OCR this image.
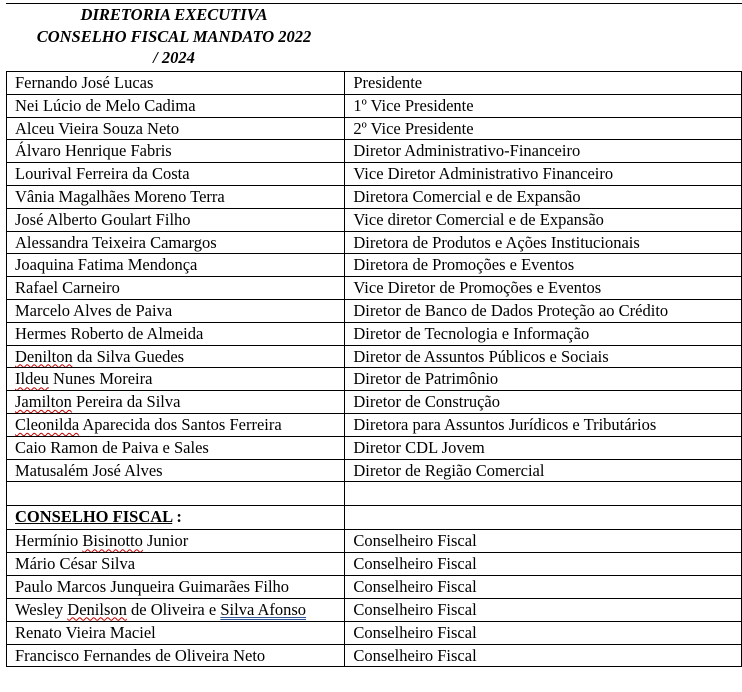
DIRETORIA EXECUTIVA
CONSELHO FISCAL MANDATO 2022
/ 2024
Fernando José Lucas	Presidente
Nei Lúcio de Melo Cadima	1º Vice Presidente
Alceu Vieira Souza Neto	2º Vice Presidente
Álvaro Henrique Fabris	Diretor Administrativo-Financeiro
Lourival Ferreira da Costa	Vice Diretor Administrativo Financeiro
Vânia Magalhães Moreno Terra	Diretora Comercial e de Expansão
José Alberto Goulart Filho	Vice diretor Comercial e de Expansão
Alessandra Teixeira Camargos	Diretora de Produtos e Ações Institucionais
Joaquina Fatima Mendonça	Diretora de Promoções e Eventos
Rafael Carneiro	Vice Diretor de Promoções e Eventos
Marcelo Alves de Paiva	Diretor de Banco de Dados Proteção ao Crédito
Hermes Roberto de Almeida	Diretor de Tecnologia e Informação
Denilton da Silva Guedes	Diretor de Assuntos Públicos e Sociais
Ildeu Nunes Moreira	Diretor de Patrimônio
Jamilton Pereira da Silva	Diretor de Construção
Cleonilda Aparecida dos Santos Ferreira	Diretora para Assuntos Jurídicos e Tributários
Caio Ramon de Paiva e Sales	Diretor CDL Jovem
Matusalém José Alves	Diretor de Região Comercial

CONSELHO FISCAL :	
Hermínio Bisinotto Junior	Conselheiro Fiscal
Mário César Silva	Conselheiro Fiscal
Paulo Marcos Junqueira Guimarães Filho	Conselheiro Fiscal
Wesley Denilson de Oliveira e Silva Afonso	Conselheiro Fiscal
Renato Vieira Maciel	Conselheiro Fiscal
Francisco Fernandes de Oliveira Neto	Conselheiro Fiscal
